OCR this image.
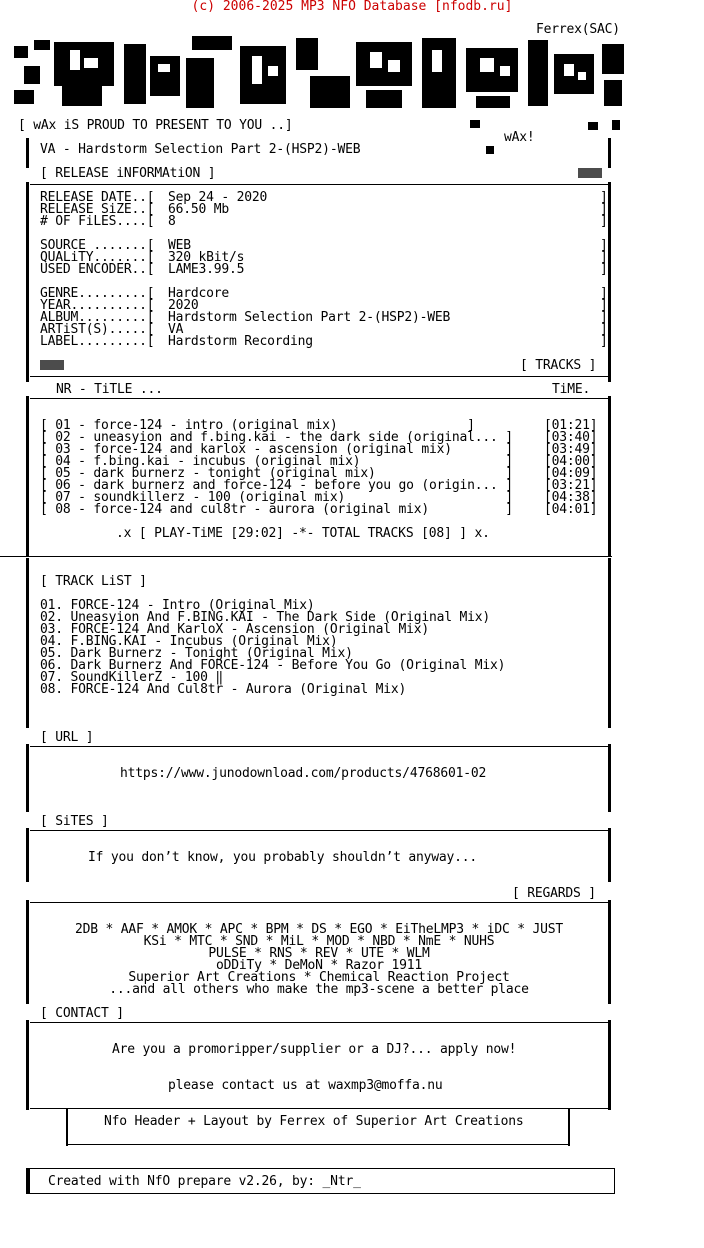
(c) 2006-2025 MP3 NFO Database [nfodb.ru]
Ferrex(SAC)
[ wAx iS PROUD TO PRESENT TO YOU ..]
wAx!
VA - Hardstorm Selection Part 2-(HSP2)-WEB
[ RELEASE iNFORMAtiON ]
RELEASE DATE..[ Sep 24 - 2020	]
RELEASE SiZE..[ 66.50 Mb	]
# OF FiLES....[ 8	]
SOURCE .......[ WEB	]
QUALiTY.......[ 320 kBit/s	]
USED ENCODER..[ LAME3.99.5	]
GENRE.........[ Hardcore	]
YEAR..........[ 2020	]
ALBUM.........[ Hardstorm Selection Part 2-(HSP2)-WEB	]
ARTiST(S).....[ VA	]
LABEL.........[ Hardstorm Recording	]
[ TRACKS ]
NR - TiTLE ...	TiME.
[ 01 - force-124 - intro (original mix)                 ]	[01:21]
[ 02 - uneasyion and f.bing.kai - the dark side (original... ] [03:40]
[ 03 - force-124 and karlox - ascension (original mix)       ] [03:49]
[ 04 - f.bing.kai - incubus (original mix)                   ] [04:00]
[ 05 - dark burnerz - tonight (original mix)                 ] [04:09]
[ 06 - dark burnerz and force-124 - before you go (origin... ] [03:21]
[ 07 - soundkillerz - 100 (original mix)                     ] [04:38]
[ 08 - force-124 and cul8tr - aurora (original mix)          ] [04:01]
.x [ PLAY-TiME [29:02] -*- TOTAL TRACKS [08] ] x.
[ TRACK LiST ]
01. FORCE-124 - Intro (Original Mix)
02. Uneasyion And F.BING.KAI - The Dark Side (Original Mix)
03. FORCE-124 And KarloX - Ascension (Original Mix)
04. F.BING.KAI - Incubus (Original Mix)
05. Dark Burnerz - Tonight (Original Mix)
06. Dark Burnerz And FORCE-124 - Before You Go (Original Mix)
07. SoundKillerZ - 100 ‖
08. FORCE-124 And Cul8tr - Aurora (Original Mix)
[ URL ]
https://www.junodownload.com/products/4768601-02
[ SiTES ]
If you don’t know, you probably shouldn’t anyway...
[ REGARDS ]
2DB * AAF * AMOK * APC * BPM * DS * EGO * EiTheLMP3 * iDC * JUST
KSi * MTC * SND * MiL * MOD * NBD * NmE * NUHS
PULSE * RNS * REV * UTE * WLM
oDDiTy * DeMoN * Razor 1911
Superior Art Creations * Chemical Reaction Project
...and all others who make the mp3-scene a better place
[ CONTACT ]
Are you a promoripper/supplier or a DJ?... apply now!
please contact us at waxmp3@moffa.nu
Nfo Header + Layout by Ferrex of Superior Art Creations
Created with NfO prepare v2.26, by: _Ntr_
